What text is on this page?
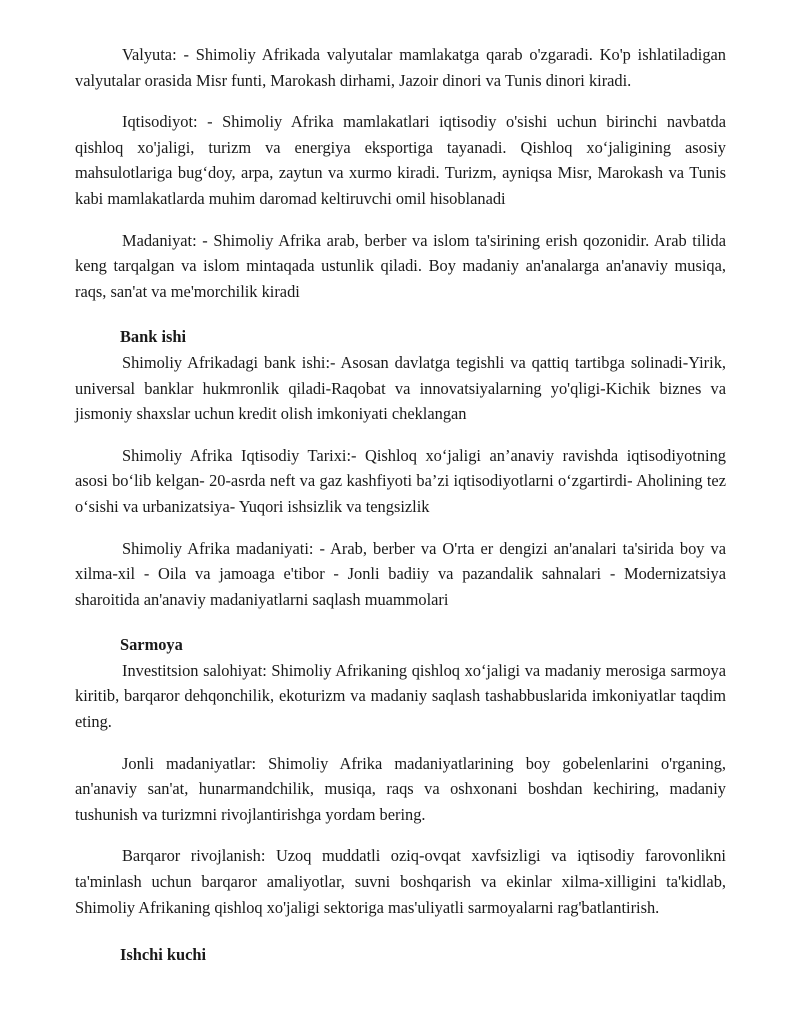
Valyuta: - Shimoliy Afrikada valyutalar mamlakatga qarab o'zgaradi. Ko'p ishlatiladigan valyutalar orasida Misr funti, Marokash dirhami, Jazoir dinori va Tunis dinori kiradi.

Iqtisodiyot: - Shimoliy Afrika mamlakatlari iqtisodiy o'sishi uchun birinchi navbatda qishloq xo'jaligi, turizm va energiya eksportiga tayanadi. Qishloq xo‘jaligining asosiy mahsulotlariga bug‘doy, arpa, zaytun va xurmo kiradi. Turizm, ayniqsa Misr, Marokash va Tunis kabi mamlakatlarda muhim daromad keltiruvchi omil hisoblanadi

Madaniyat: - Shimoliy Afrika arab, berber va islom ta'sirining erish qozonidir. Arab tilida keng tarqalgan va islom mintaqada ustunlik qiladi. Boy madaniy an'analarga an'anaviy musiqa, raqs, san'at va me'morchilik kiradi

Bank ishi

Shimoliy Afrikadagi bank ishi:- Asosan davlatga tegishli va qattiq tartibga solinadi-Yirik, universal banklar hukmronlik qiladi-Raqobat va innovatsiyalarning yo'qligi-Kichik biznes va jismoniy shaxslar uchun kredit olish imkoniyati cheklangan

Shimoliy Afrika Iqtisodiy Tarixi:- Qishloq xo‘jaligi an’anaviy ravishda iqtisodiyotning asosi bo‘lib kelgan- 20-asrda neft va gaz kashfiyoti ba’zi iqtisodiyotlarni o‘zgartirdi- Aholining tez o‘sishi va urbanizatsiya- Yuqori ishsizlik va tengsizlik

Shimoliy Afrika madaniyati: - Arab, berber va O'rta er dengizi an'analari ta'sirida boy va xilma-xil - Oila va jamoaga e'tibor - Jonli badiiy va pazandalik sahnalari - Modernizatsiya sharoitida an'anaviy madaniyatlarni saqlash muammolari

Sarmoya

Investitsion salohiyat: Shimoliy Afrikaning qishloq xo‘jaligi va madaniy merosiga sarmoya kiritib, barqaror dehqonchilik, ekoturizm va madaniy saqlash tashabbuslarida imkoniyatlar taqdim eting.

Jonli madaniyatlar: Shimoliy Afrika madaniyatlarining boy gobelenlarini o'rganing, an'anaviy san'at, hunarmandchilik, musiqa, raqs va oshxonani boshdan kechiring, madaniy tushunish va turizmni rivojlantirishga yordam bering.

Barqaror rivojlanish: Uzoq muddatli oziq-ovqat xavfsizligi va iqtisodiy farovonlikni ta'minlash uchun barqaror amaliyotlar, suvni boshqarish va ekinlar xilma-xilligini ta'kidlab, Shimoliy Afrikaning qishloq xo'jaligi sektoriga mas'uliyatli sarmoyalarni rag'batlantirish.

Ishchi kuchi
